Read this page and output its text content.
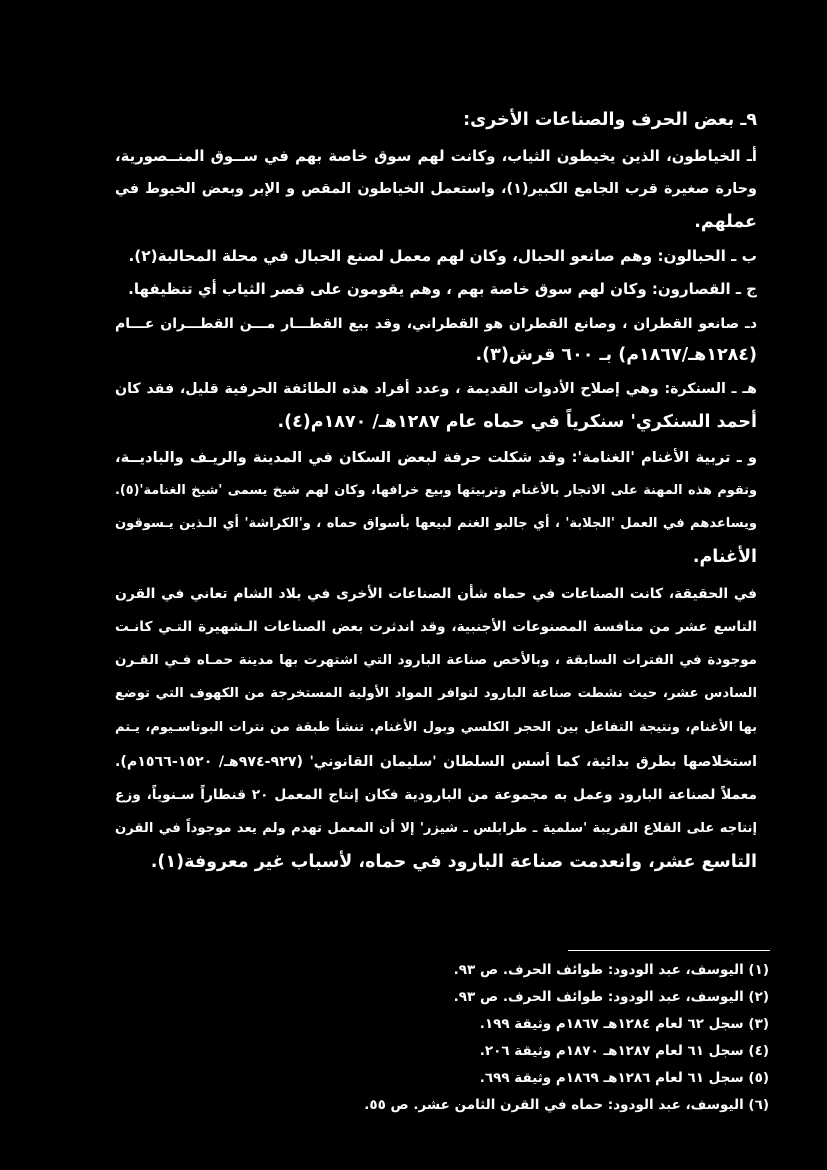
٩ـ بعض الحرف والصناعات الأخرى:
أـ الخياطون، الذين يخيطون الثياب، وكانت لهم سوق خاصة بهم في ســوق المنــصورية،
وحارة صغيرة قرب الجامع الكبير(١)، واستعمل الخياطون المقص و الإبر وبعض الخيوط في
عملهم.
ب ـ الحبالون: وهم صانعو الحبال، وكان لهم معمل لصنع الحبال في محلة المحالبة(٢).
ج ـ القصارون: وكان لهم سوق خاصة بهم ، وهم يقومون على قصر الثياب أي تنظيفها.
دـ صانعو القطران ، وصانع القطران هو القطراني، وقد بيع القطـــار مـــن القطـــران عـــام
(١٢٨٤هـ/١٨٦٧م) بـ ٦٠٠ قرش(٣).
هـ ـ السنكرة: وهي إصلاح الأدوات القديمة ، وعدد أفراد هذه الطائفة الحرفية قليل، فقد كان
أحمد السنكري' سنكرياً في حماه عام ١٢٨٧هـ/ ١٨٧٠م(٤).
و ـ تربية الأغنام 'الغنامة': وقد شكلت حرفة لبعض السكان في المدينة والريـف والباديــة،
وتقوم هذه المهنة على الاتجار بالأغنام وتربيتها وبيع خرافها، وكان لهم شيخ يسمى 'شيخ الغنامة'(٥).
ويساعدهم في العمل 'الجلابة' ، أي جالبو الغنم لبيعها بأسواق حماه ، و'الكراشة' أي الـذين يـسوقون
الأغنام.
في الحقيقة، كانت الصناعات في حماه شأن الصناعات الأخرى في بلاد الشام تعاني في القرن
التاسع عشر من منافسة المصنوعات الأجنبية، وقد اندثرت بعض الصناعات الـشهيرة التـي كانـت
موجودة في الفترات السابقة ، وبالأخص صناعة البارود التي اشتهرت بها مدينة حمـاه فـي القـرن
السادس عشر، حيث نشطت صناعة البارود لتوافر المواد الأولية المستخرجة من الكهوف التي توضع
بها الأغنام، ونتيجة التفاعل بين الحجر الكلسي وبول الأغنام. تنشأ طبقة من نترات البوتاسـيوم، يـتم
استخلاصها بطرق بدائية، كما أسس السلطان 'سليمان القانوني' (٩٢٧-٩٧٤هـ/ ١٥٢٠-١٥٦٦م).
معملاً لصناعة البارود وعمل به مجموعة من البارودية فكان إنتاج المعمل ٢٠ قنطاراً سـنوياً، وزع
إنتاجه على القلاع القريبة 'سلمية ـ طرابلس ـ شيزر' إلا أن المعمل تهدم ولم يعد موجوداً في القرن
التاسع عشر، وانعدمت صناعة البارود في حماه، لأسباب غير معروفة(١).
(١) اليوسف، عبد الودود: طوائف الحرف. ص ٩٣.
(٢) اليوسف، عبد الودود: طوائف الحرف. ص ٩٣.
(٣) سجل ٦٢ لعام ١٢٨٤هـ ١٨٦٧م وثيقة ١٩٩.
(٤) سجل ٦١ لعام ١٢٨٧هـ ١٨٧٠م وثيقة ٢٠٦.
(٥) سجل ٦١ لعام ١٢٨٦هـ ١٨٦٩م وثيقة ٦٩٩.
(٦) اليوسف، عبد الودود: حماه في القرن الثامن عشر. ص ٥٥.
